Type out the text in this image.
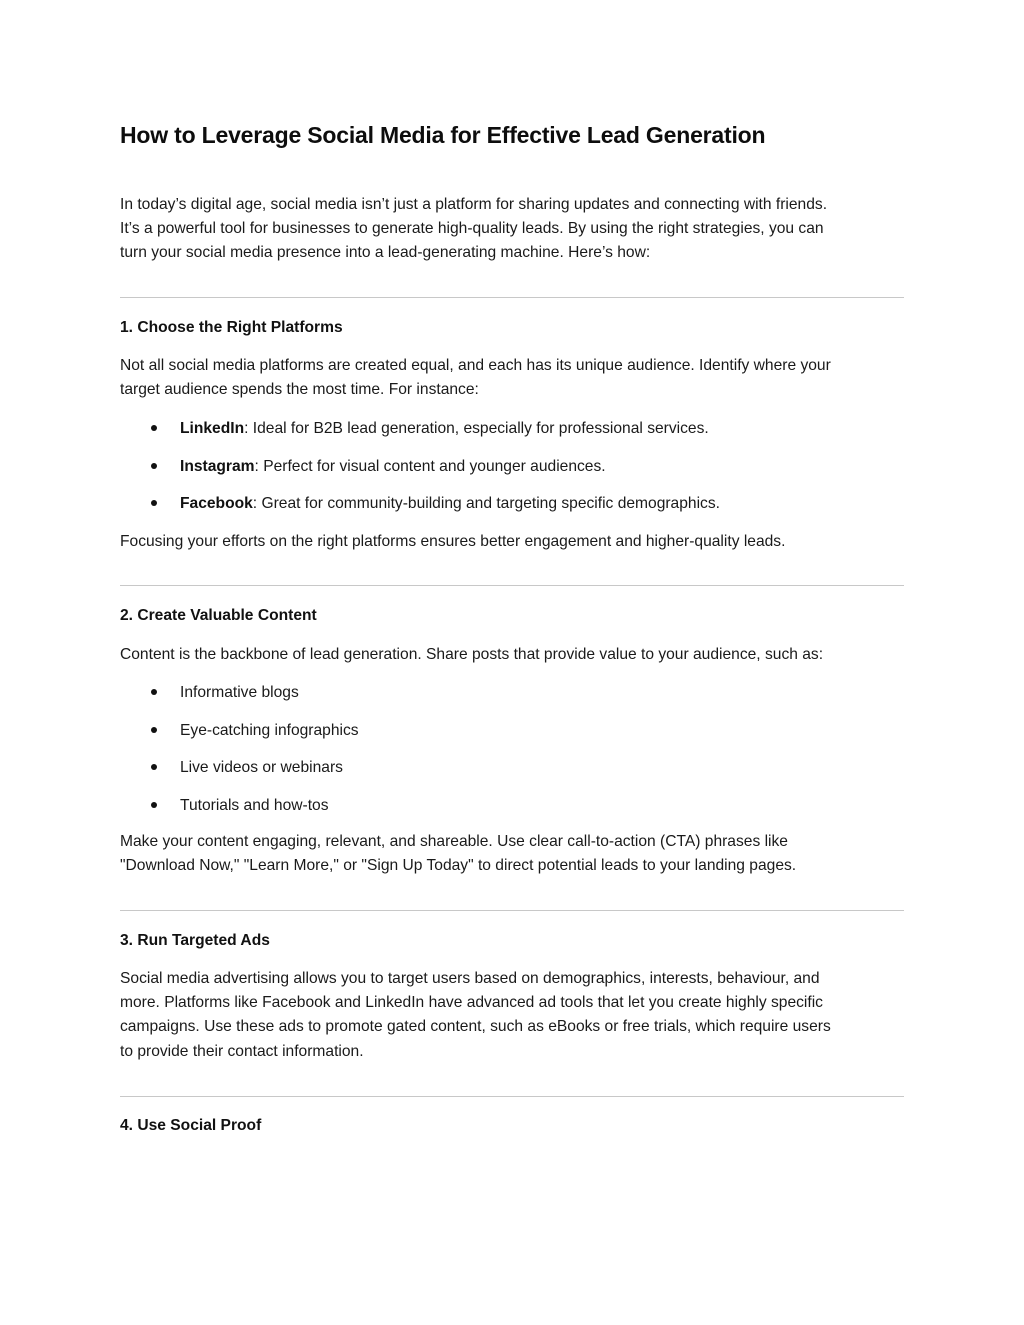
How to Leverage Social Media for Effective Lead Generation

In today’s digital age, social media isn’t just a platform for sharing updates and connecting with friends.
It’s a powerful tool for businesses to generate high-quality leads. By using the right strategies, you can
turn your social media presence into a lead-generating machine. Here’s how:

1. Choose the Right Platforms

Not all social media platforms are created equal, and each has its unique audience. Identify where your
target audience spends the most time. For instance:

LinkedIn: Ideal for B2B lead generation, especially for professional services.
Instagram: Perfect for visual content and younger audiences.
Facebook: Great for community-building and targeting specific demographics.

Focusing your efforts on the right platforms ensures better engagement and higher-quality leads.

2. Create Valuable Content

Content is the backbone of lead generation. Share posts that provide value to your audience, such as:

Informative blogs
Eye-catching infographics
Live videos or webinars
Tutorials and how-tos

Make your content engaging, relevant, and shareable. Use clear call-to-action (CTA) phrases like
"Download Now," "Learn More," or "Sign Up Today" to direct potential leads to your landing pages.

3. Run Targeted Ads

Social media advertising allows you to target users based on demographics, interests, behaviour, and
more. Platforms like Facebook and LinkedIn have advanced ad tools that let you create highly specific
campaigns. Use these ads to promote gated content, such as eBooks or free trials, which require users
to provide their contact information.

4. Use Social Proof
